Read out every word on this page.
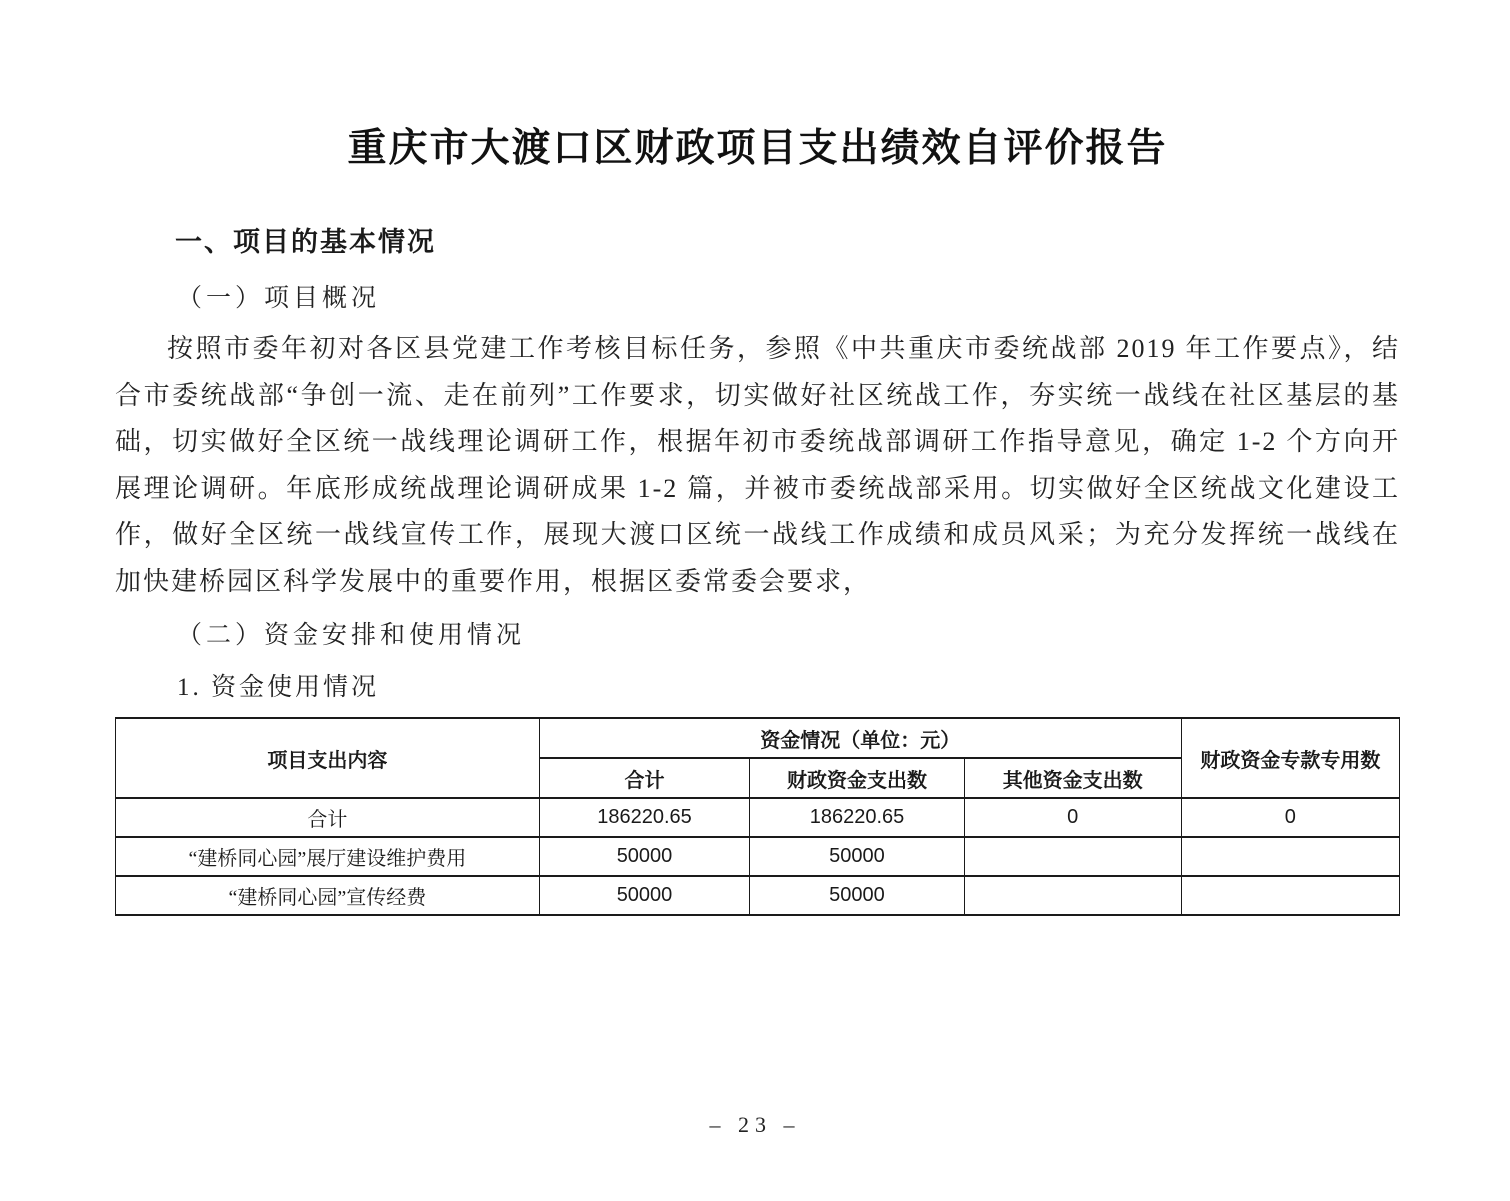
重庆市大渡口区财政项目支出绩效自评价报告
一、项目的基本情况
（一）项目概况

按照市委年初对各区县党建工作考核目标任务，参照《中共重庆市委统战部 2019 年工作要点》，结合市委统战部“争创一流、走在前列”工作要求，切实做好社区统战工作，夯实统一战线在社区基层的基础，切实做好全区统一战线理论调研工作，根据年初市委统战部调研工作指导意见，确定 1-2 个方向开展理论调研。年底形成统战理论调研成果 1-2 篇，并被市委统战部采用。切实做好全区统战文化建设工作，做好全区统一战线宣传工作，展现大渡口区统一战线工作成绩和成员风采；为充分发挥统一战线在加快建桥园区科学发展中的重要作用，根据区委常委会要求，

（二）资金安排和使用情况
1. 资金使用情况
项目支出内容	资金情况（单位：元）			财政资金专款专用数
	合计	财政资金支出数	其他资金支出数	
合计	186220.65	186220.65	0	0
“建桥同心园”展厅建设维护费用	50000	50000		
“建桥同心园”宣传经费	50000	50000		
– 23 –
